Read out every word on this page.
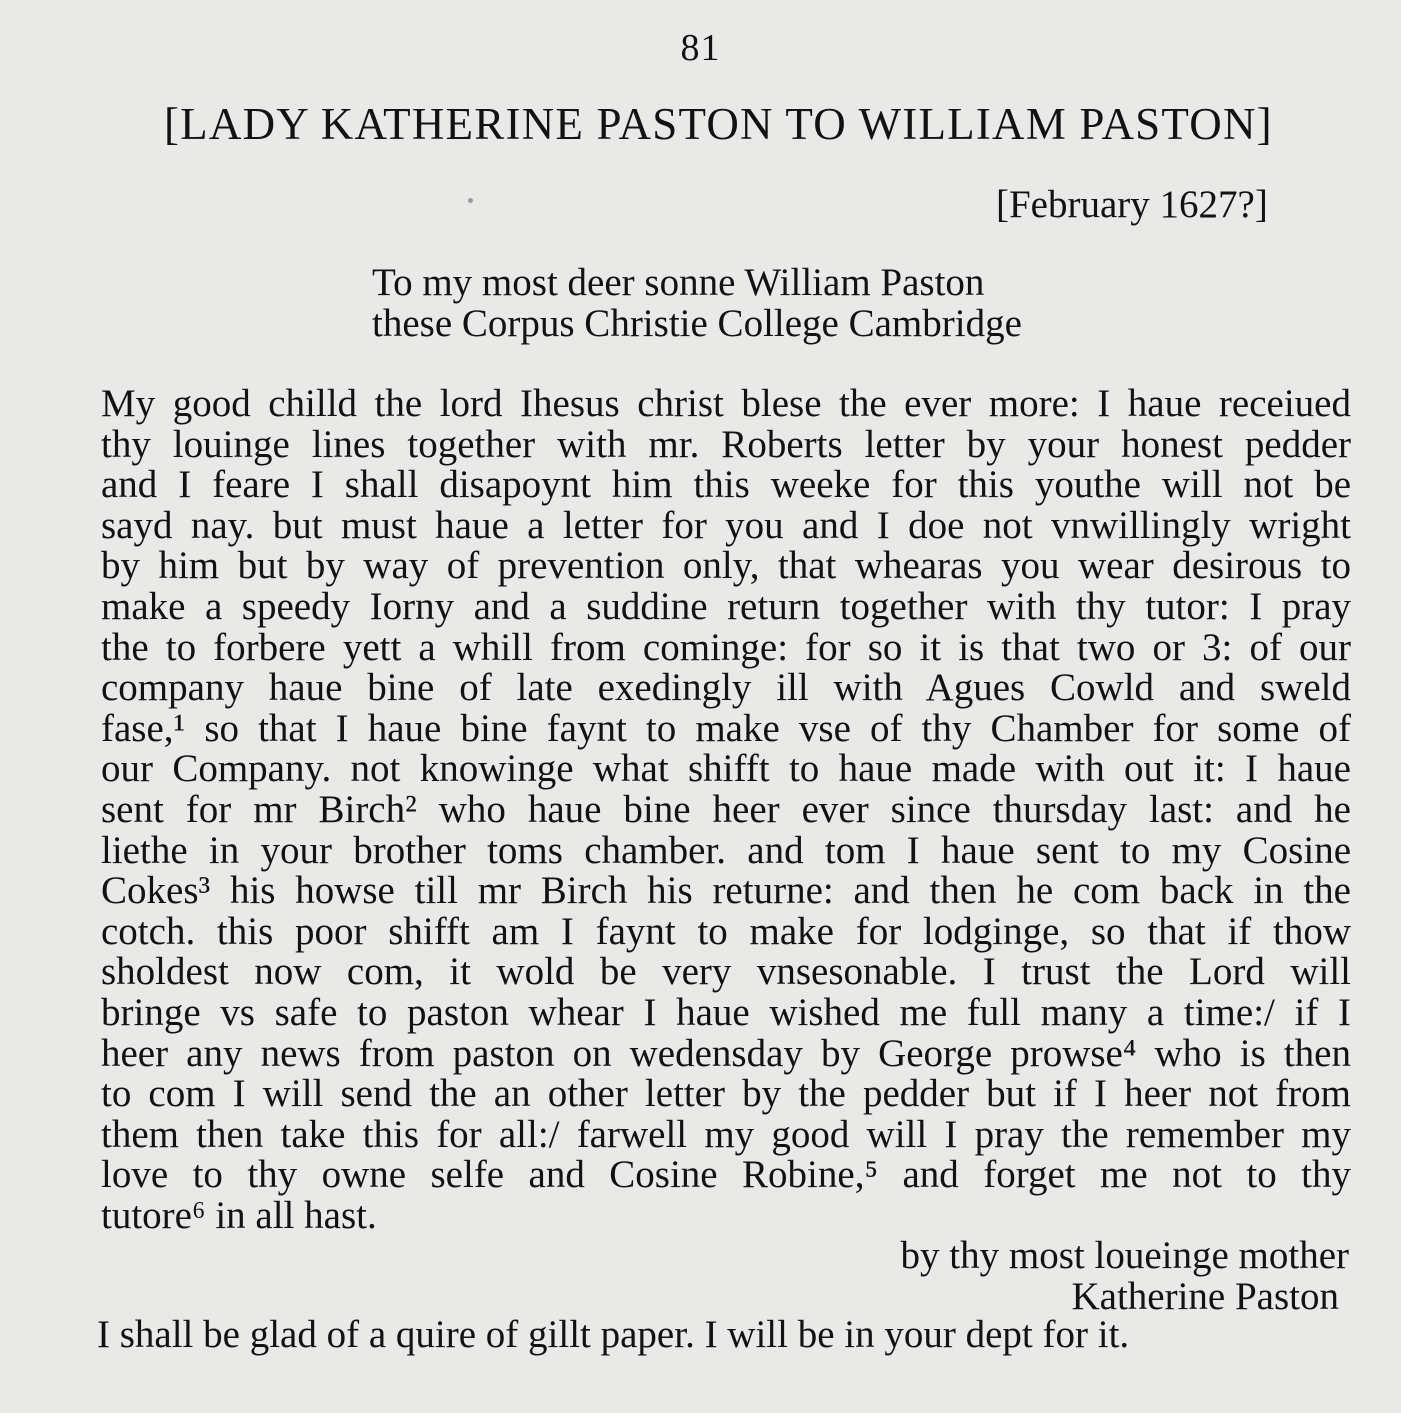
81
[LADY KATHERINE PASTON TO WILLIAM PASTON]
[February 1627?]
To my most deer sonne William Paston
these Corpus Christie College Cambridge
My good chilld the lord Ihesus christ blese the ever more: I haue receiued
thy louinge lines together with mr. Roberts letter by your honest pedder
and I feare I shall disapoynt him this weeke for this youthe will not be
sayd nay. but must haue a letter for you and I doe not vnwillingly wright
by him but by way of prevention only, that whearas you wear desirous to
make a speedy Iorny and a suddine return together with thy tutor: I pray
the to forbere yett a whill from cominge: for so it is that two or 3: of our
company haue bine of late exedingly ill with Agues Cowld and sweld
fase,¹ so that I haue bine faynt to make vse of thy Chamber for some of
our Company. not knowinge what shifft to haue made with out it: I haue
sent for mr Birch² who haue bine heer ever since thursday last: and he
liethe in your brother toms chamber. and tom I haue sent to my Cosine
Cokes³ his howse till mr Birch his returne: and then he com back in the
cotch. this poor shifft am I faynt to make for lodginge, so that if thow
sholdest now com, it wold be very vnsesonable. I trust the Lord will
bringe vs safe to paston whear I haue wished me full many a time:/ if I
heer any news from paston on wedensday by George prowse⁴ who is then
to com I will send the an other letter by the pedder but if I heer not from
them then take this for all:/ farwell my good will I pray the remember my
love to thy owne selfe and Cosine Robine,⁵ and forget me not to thy
tutore⁶ in all hast.
by thy most loueinge mother
Katherine Paston
I shall be glad of a quire of gillt paper. I will be in your dept for it.
